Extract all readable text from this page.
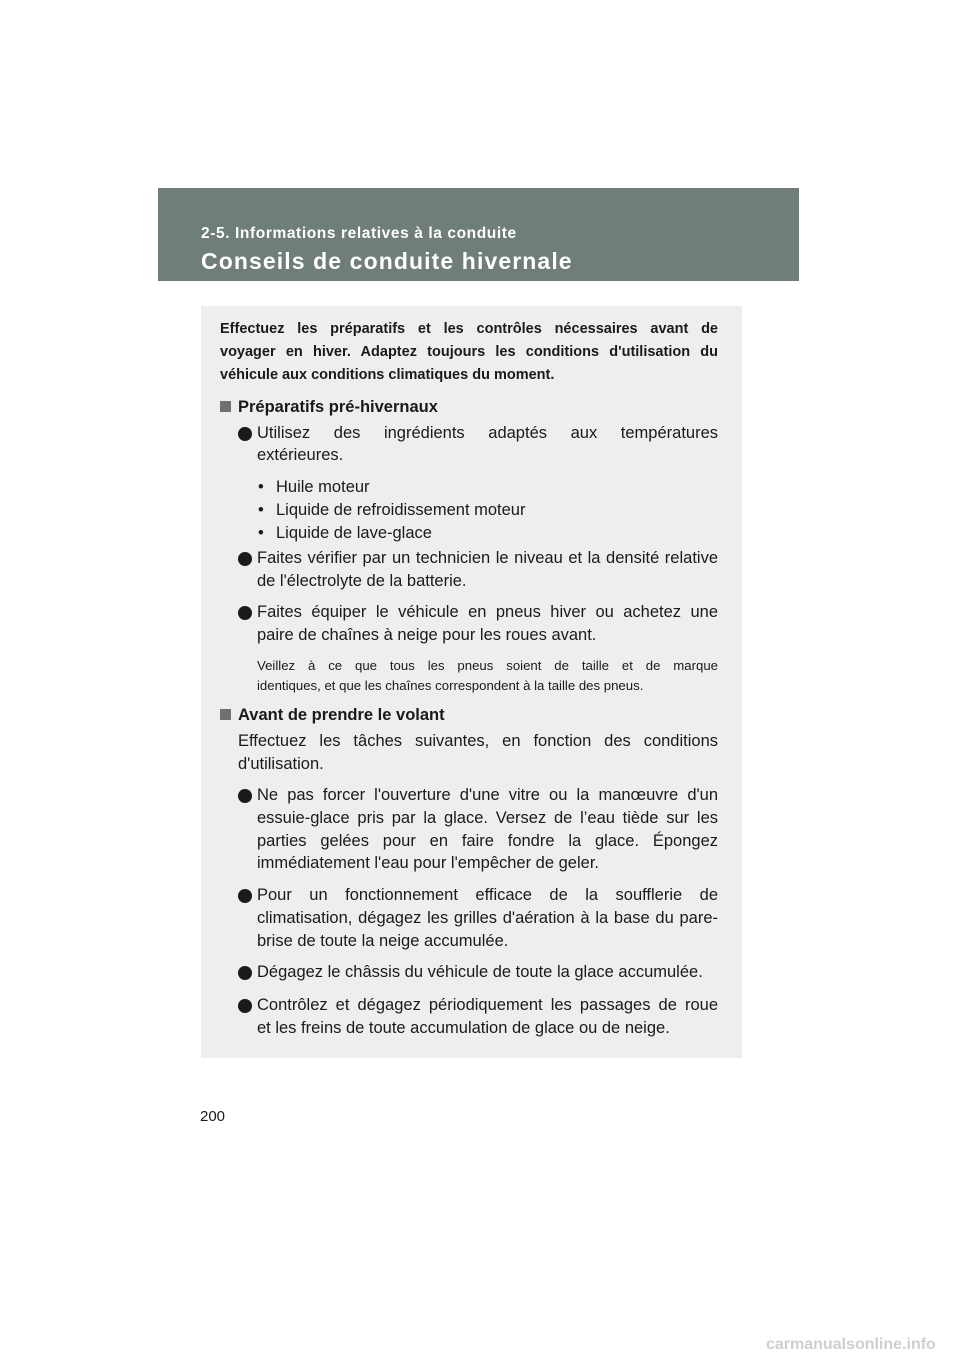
2-5. Informations relatives à la conduite
Conseils de conduite hivernale
Effectuez les préparatifs et les contrôles nécessaires avant de
voyager en hiver. Adaptez toujours les conditions d'utilisation du
véhicule aux conditions climatiques du moment.
Préparatifs pré-hivernaux
Utilisez des ingrédients adaptés aux températures
extérieures.
• Huile moteur
• Liquide de refroidissement moteur
• Liquide de lave-glace
Faites vérifier par un technicien le niveau et la densité relative
de l'électrolyte de la batterie.
Faites équiper le véhicule en pneus hiver ou achetez une
paire de chaînes à neige pour les roues avant.
Veillez à ce que tous les pneus soient de taille et de marque
identiques, et que les chaînes correspondent à la taille des pneus.
Avant de prendre le volant
Effectuez les tâches suivantes, en fonction des conditions
d'utilisation.
Ne pas forcer l'ouverture d'une vitre ou la manœuvre d'un
essuie-glace pris par la glace. Versez de l’eau tiède sur les
parties gelées pour en faire fondre la glace. Épongez
immédiatement l'eau pour l'empêcher de geler.
Pour un fonctionnement efficace de la soufflerie de
climatisation, dégagez les grilles d'aération à la base du pare-
brise de toute la neige accumulée.
Dégagez le châssis du véhicule de toute la glace accumulée.
Contrôlez et dégagez périodiquement les passages de roue
et les freins de toute accumulation de glace ou de neige.
200
carmanualsonline.info
